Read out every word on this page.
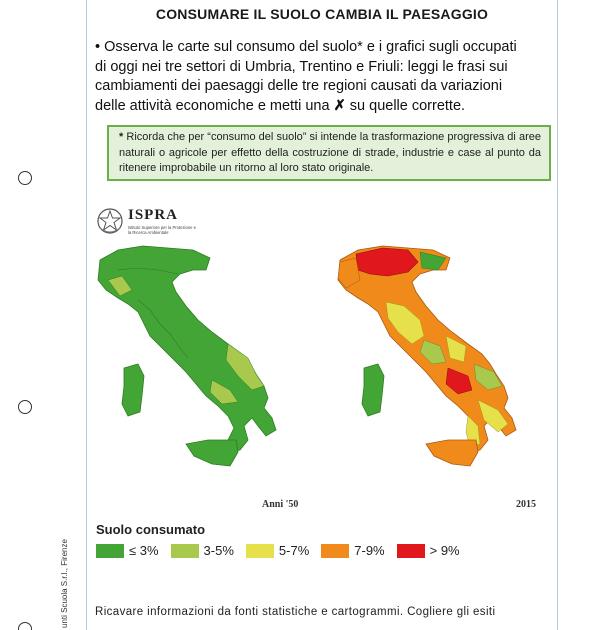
unti Scuola S.r.l., Firenze
CONSUMARE IL SUOLO CAMBIA IL PAESAGGIO
• Osserva le carte sul consumo del suolo* e i grafici sugli occupati
di oggi nei tre settori di Umbria, Trentino e Friuli: leggi le frasi sui
cambiamenti dei paesaggi delle tre regioni causati da variazioni
delle attività economiche e metti una ✗ su quelle corrette.
* Ricorda che per “consumo del suolo” si intende la trasformazione progressiva di aree naturali o agricole per effetto della costruzione di strade, industrie e case al punto da ritenere improbabile un ritorno al loro stato originale.
ISPRA
Istituto Superiore per la Protezione e la Ricerca Ambientale
Anni '50	2015
Suolo consumato
≤ 3%	3-5%	5-7%	7-9%	> 9%
Ricavare informazioni da fonti statistiche e cartogrammi. Cogliere gli esiti
